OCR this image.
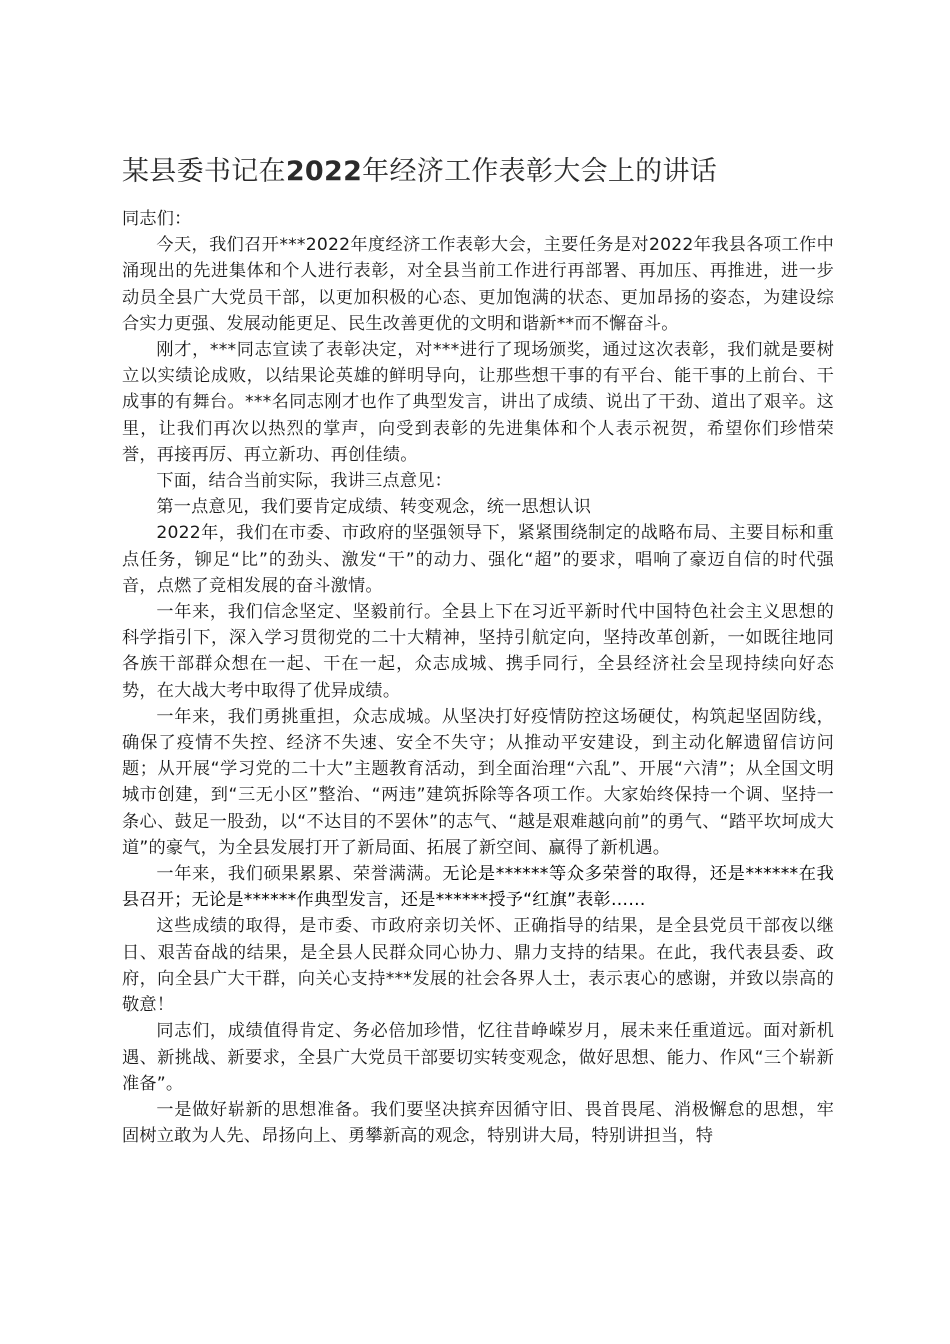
某县委书记在2022年经济工作表彰大会上的讲话

同志们：

今天，我们召开***2022年度经济工作表彰大会，主要任务是对2022年我县各项工作中涌现出的先进集体和个人进行表彰，对全县当前工作进行再部署、再加压、再推进，进一步动员全县广大党员干部，以更加积极的心态、更加饱满的状态、更加昂扬的姿态，为建设综合实力更强、发展动能更足、民生改善更优的文明和谐新**而不懈奋斗。

刚才，***同志宣读了表彰决定，对***进行了现场颁奖，通过这次表彰，我们就是要树立以实绩论成败，以结果论英雄的鲜明导向，让那些想干事的有平台、能干事的上前台、干成事的有舞台。***名同志刚才也作了典型发言，讲出了成绩、说出了干劲、道出了艰辛。这里，让我们再次以热烈的掌声，向受到表彰的先进集体和个人表示祝贺，希望你们珍惜荣誉，再接再厉、再立新功、再创佳绩。

下面，结合当前实际，我讲三点意见：

第一点意见，我们要肯定成绩、转变观念，统一思想认识

2022年，我们在市委、市政府的坚强领导下，紧紧围绕制定的战略布局、主要目标和重点任务，铆足“比”的劲头、激发“干”的动力、强化“超”的要求，唱响了豪迈自信的时代强音，点燃了竞相发展的奋斗激情。

一年来，我们信念坚定、坚毅前行。全县上下在习近平新时代中国特色社会主义思想的科学指引下，深入学习贯彻党的二十大精神，坚持引航定向，坚持改革创新，一如既往地同各族干部群众想在一起、干在一起，众志成城、携手同行，全县经济社会呈现持续向好态势，在大战大考中取得了优异成绩。

一年来，我们勇挑重担，众志成城。从坚决打好疫情防控这场硬仗，构筑起坚固防线，确保了疫情不失控、经济不失速、安全不失守；从推动平安建设，到主动化解遗留信访问题；从开展“学习党的二十大”主题教育活动，到全面治理“六乱”、开展“六清”；从全国文明城市创建，到“三无小区”整治、“两违”建筑拆除等各项工作。大家始终保持一个调、坚持一条心、鼓足一股劲，以“不达目的不罢休”的志气、“越是艰难越向前”的勇气、“踏平坎坷成大道”的豪气，为全县发展打开了新局面、拓展了新空间、赢得了新机遇。

一年来，我们硕果累累、荣誉满满。无论是******等众多荣誉的取得，还是******在我县召开；无论是******作典型发言，还是******授予“红旗”表彰……

这些成绩的取得，是市委、市政府亲切关怀、正确指导的结果，是全县党员干部夜以继日、艰苦奋战的结果，是全县人民群众同心协力、鼎力支持的结果。在此，我代表县委、政府，向全县广大干群，向关心支持***发展的社会各界人士，表示衷心的感谢，并致以崇高的敬意！

同志们，成绩值得肯定、务必倍加珍惜，忆往昔峥嵘岁月，展未来任重道远。面对新机遇、新挑战、新要求，全县广大党员干部要切实转变观念，做好思想、能力、作风“三个崭新准备”。

一是做好崭新的思想准备。我们要坚决摈弃因循守旧、畏首畏尾、消极懈怠的思想，牢固树立敢为人先、昂扬向上、勇攀新高的观念，特别讲大局，特别讲担当，特
